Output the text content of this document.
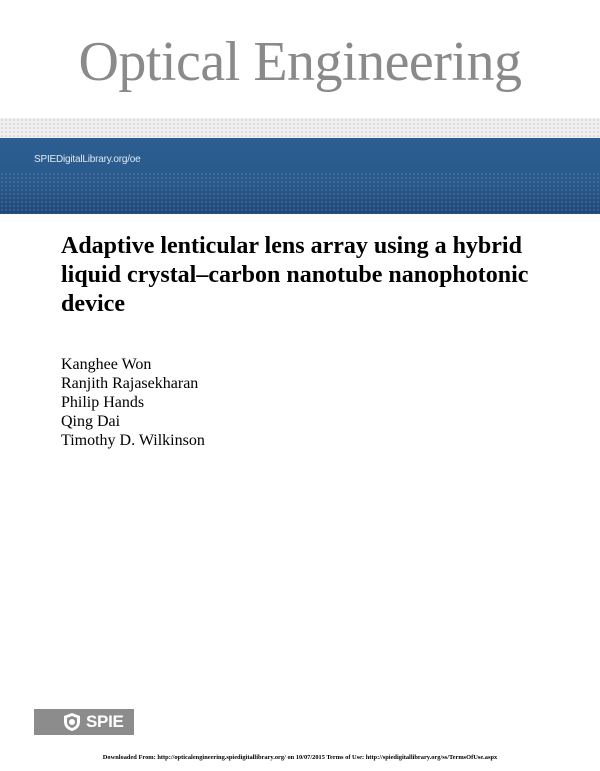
Optical Engineering
SPIEDigitalLibrary.org/oe
Adaptive lenticular lens array using a hybrid liquid crystal–carbon nanotube nanophotonic device
Kanghee Won
Ranjith Rajasekharan
Philip Hands
Qing Dai
Timothy D. Wilkinson
SPIE
Downloaded From: http://opticalengineering.spiedigitallibrary.org/ on 10/07/2015 Terms of Use: http://spiedigitallibrary.org/ss/TermsOfUse.aspx
